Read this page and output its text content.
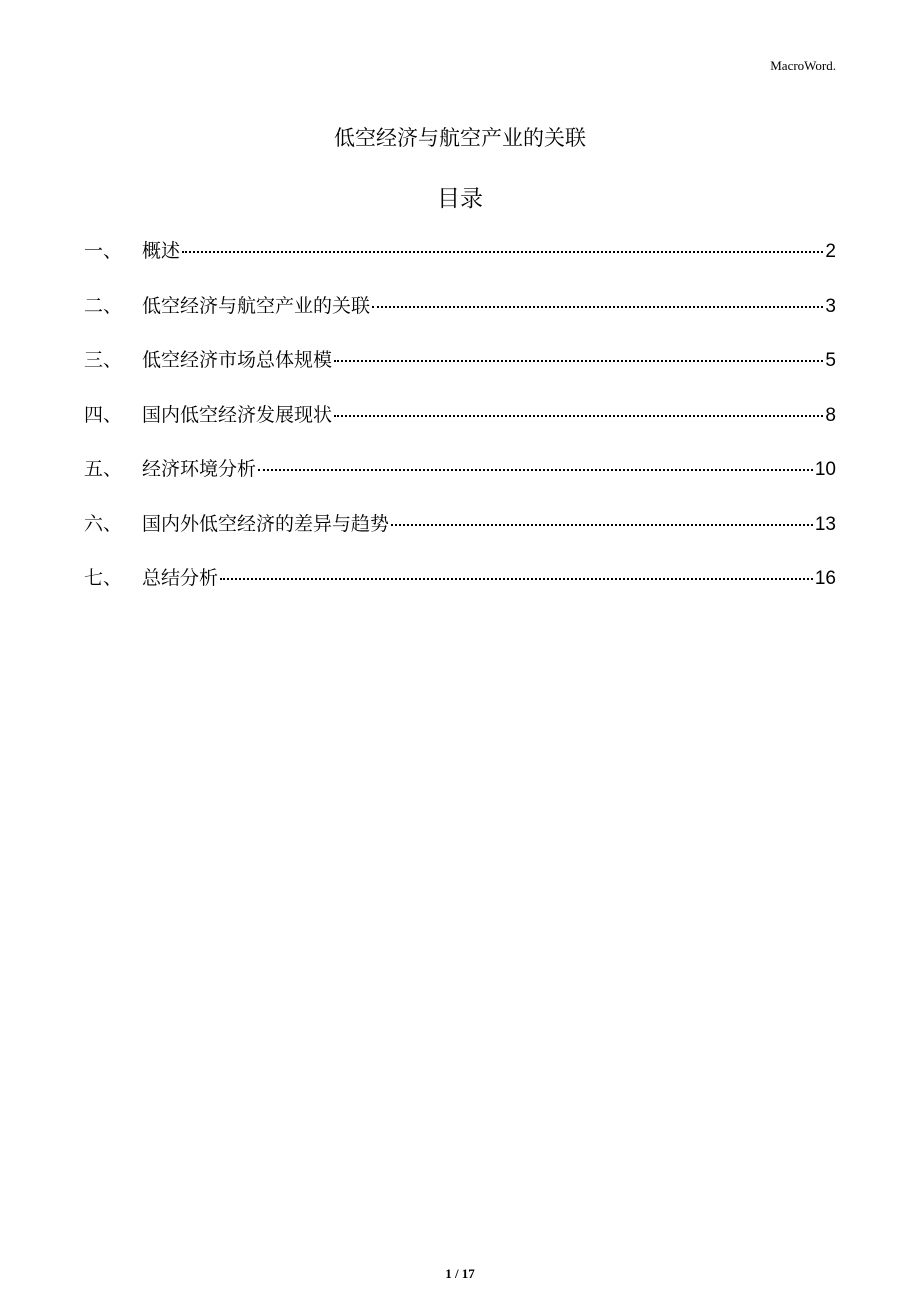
MacroWord.
低空经济与航空产业的关联
目录
一、	概述	2
二、	低空经济与航空产业的关联	3
三、	低空经济市场总体规模	5
四、	国内低空经济发展现状	8
五、	经济环境分析	10
六、	国内外低空经济的差异与趋势	13
七、	总结分析	16
1 / 17
